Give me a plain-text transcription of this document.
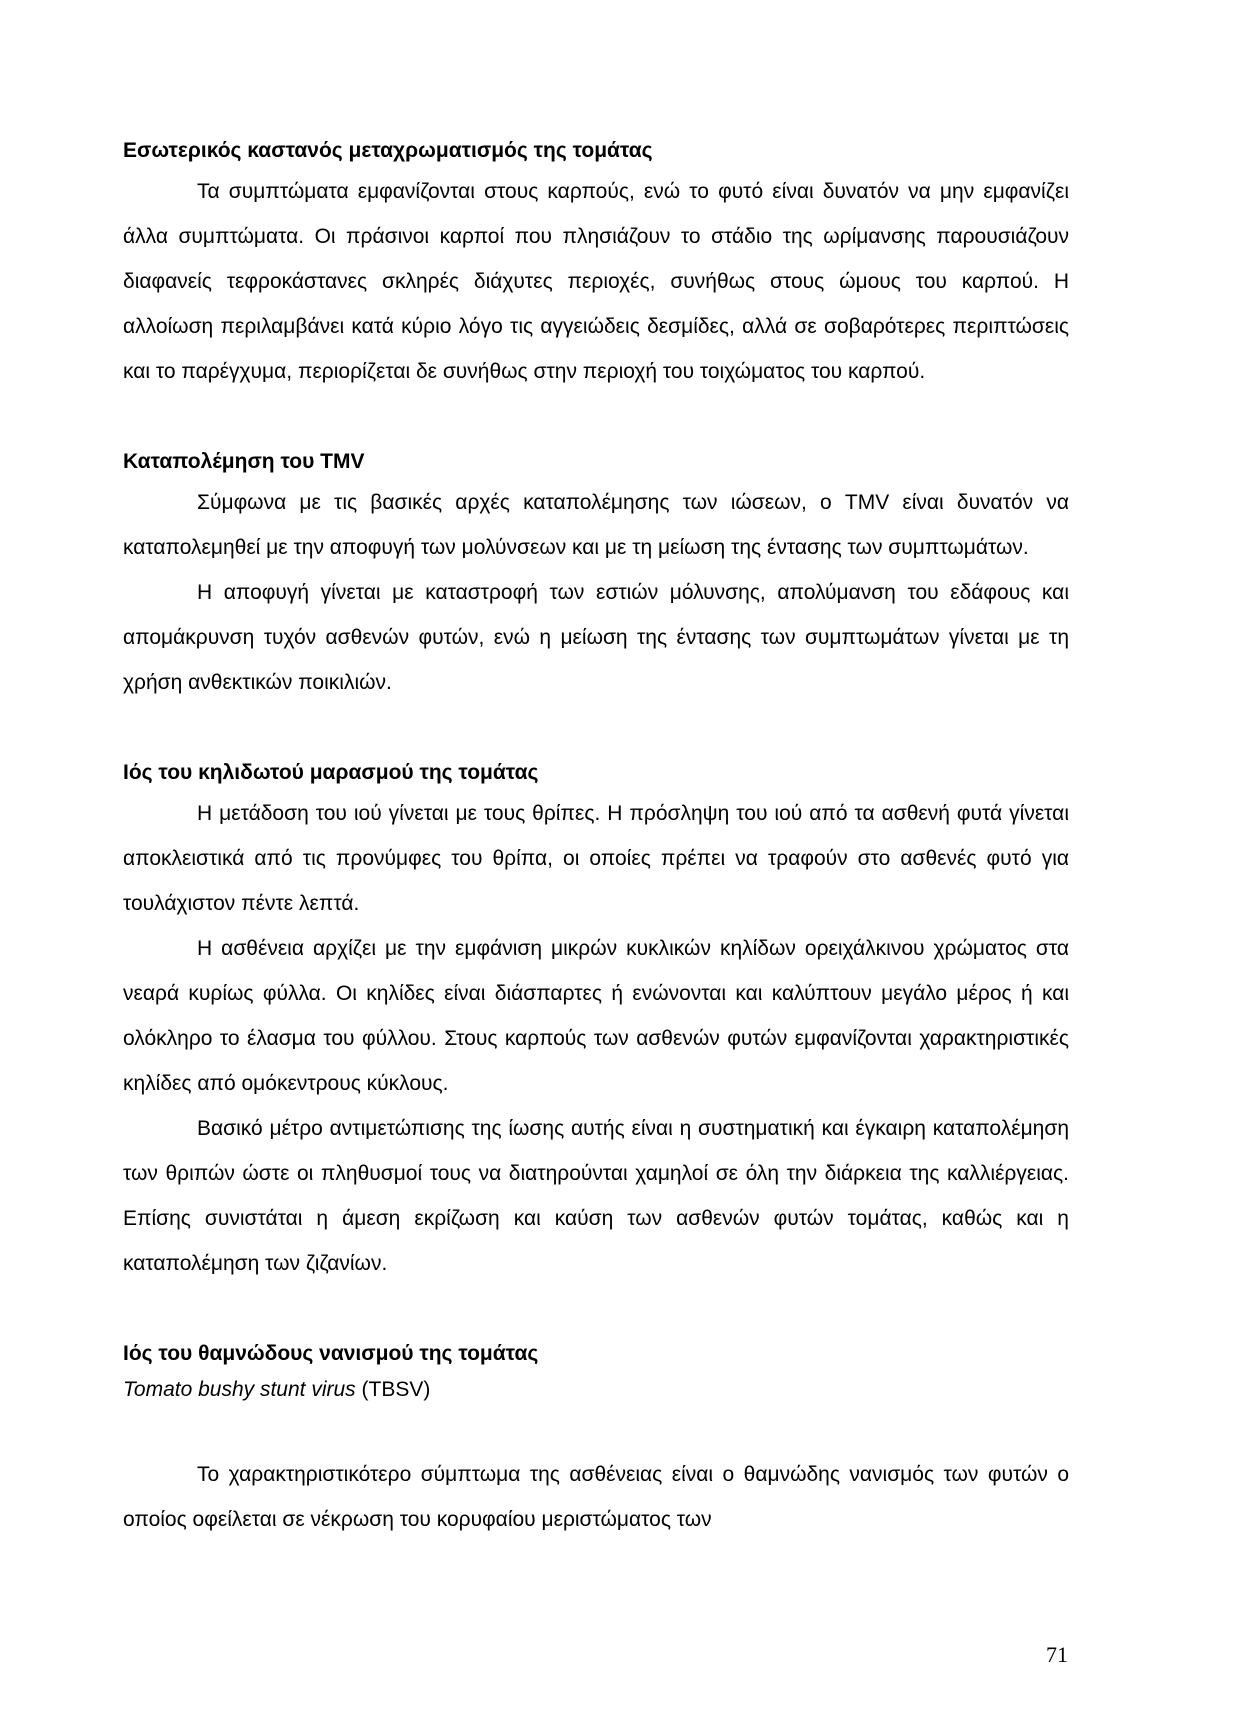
Εσωτερικός καστανός μεταχρωματισμός της τομάτας

Τα συμπτώματα εμφανίζονται στους καρπούς, ενώ το φυτό είναι δυνατόν να μην εμφανίζει άλλα συμπτώματα. Οι πράσινοι καρποί που πλησιάζουν το στάδιο της ωρίμανσης παρουσιάζουν διαφανείς τεφροκάστανες σκληρές διάχυτες περιοχές, συνήθως στους ώμους του καρπού. Η αλλοίωση περιλαμβάνει κατά κύριο λόγο τις αγγειώδεις δεσμίδες, αλλά σε σοβαρότερες περιπτώσεις και το παρέγχυμα, περιορίζεται δε συνήθως στην περιοχή του τοιχώματος του καρπού.

Καταπολέμηση του TMV

Σύμφωνα με τις βασικές αρχές καταπολέμησης των ιώσεων, ο TMV είναι δυνατόν να καταπολεμηθεί με την αποφυγή των μολύνσεων και με τη μείωση της έντασης των συμπτωμάτων.

Η αποφυγή γίνεται με καταστροφή των εστιών μόλυνσης, απολύμανση του εδάφους και απομάκρυνση τυχόν ασθενών φυτών, ενώ η μείωση της έντασης των συμπτωμάτων γίνεται με τη χρήση ανθεκτικών ποικιλιών.

Ιός του κηλιδωτού μαρασμού της τομάτας

Η μετάδοση του ιού γίνεται με τους θρίπες. Η πρόσληψη του ιού από τα ασθενή φυτά γίνεται αποκλειστικά από τις προνύμφες του θρίπα, οι οποίες πρέπει να τραφούν στο ασθενές φυτό για τουλάχιστον πέντε λεπτά.

Η ασθένεια αρχίζει με την εμφάνιση μικρών κυκλικών κηλίδων ορειχάλκινου χρώματος στα νεαρά κυρίως φύλλα. Οι κηλίδες είναι διάσπαρτες ή ενώνονται και καλύπτουν μεγάλο μέρος ή και ολόκληρο το έλασμα του φύλλου. Στους καρπούς των ασθενών φυτών εμφανίζονται χαρακτηριστικές κηλίδες από ομόκεντρους κύκλους.

Βασικό μέτρο αντιμετώπισης της ίωσης αυτής είναι η συστηματική και έγκαιρη καταπολέμηση των θριπών ώστε οι πληθυσμοί τους να διατηρούνται χαμηλοί σε όλη την διάρκεια της καλλιέργειας. Επίσης συνιστάται η άμεση εκρίζωση και καύση των ασθενών φυτών τομάτας, καθώς και η καταπολέμηση των ζιζανίων.

Ιός του θαμνώδους νανισμού της τομάτας

Tomato bushy stunt virus (TBSV)

Το χαρακτηριστικότερο σύμπτωμα της ασθένειας είναι ο θαμνώδης νανισμός των φυτών ο οποίος οφείλεται σε νέκρωση του κορυφαίου μεριστώματος των

71
